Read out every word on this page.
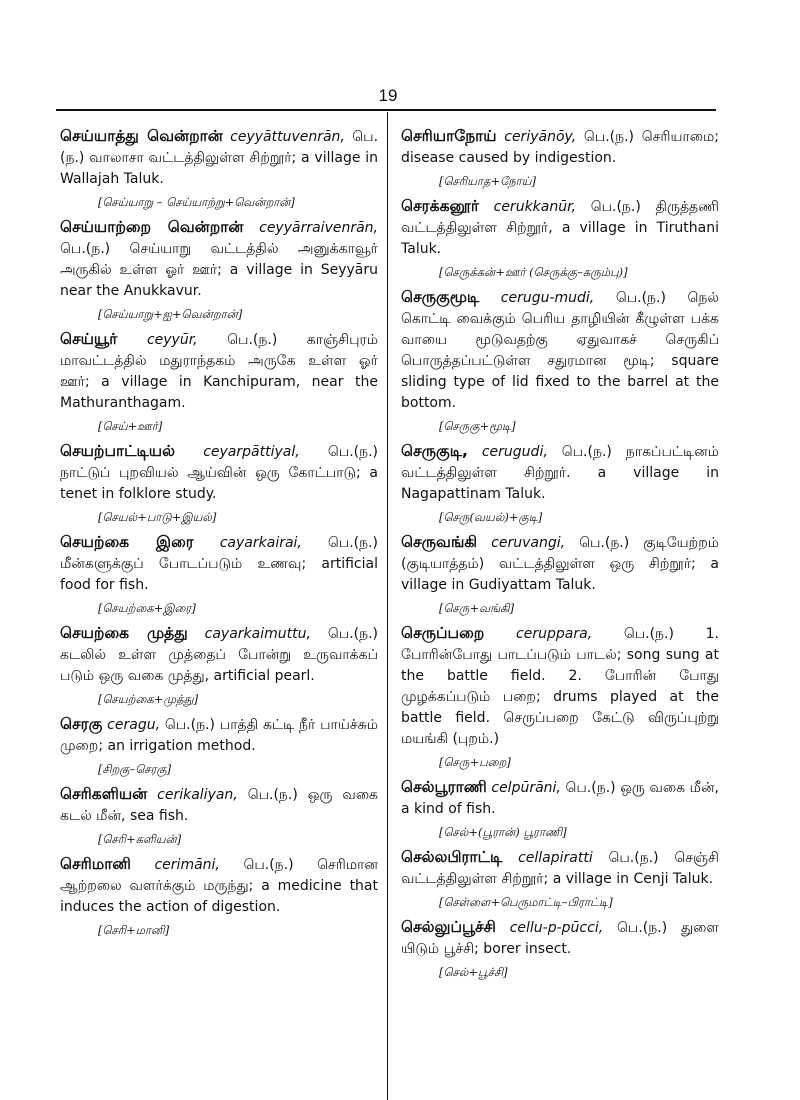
19

செய்யாத்து வென்றான் ceyyāttuvenrān, பெ.(ந.) வாலாசா வட்டத்திலுள்ள சிற்றூர்; a village in Wallajah Taluk.

[செய்யாறு – செய்யாற்று+வென்றான்]

செய்யாற்றை வென்றான் ceyyārraivenrān, பெ.(ந.) செய்யாறு வட்டத்தில் அனுக்காவூர் அருகில் உள்ள ஓர் ஊர்; a village in Seyyāru near the Anukkavur.

[செய்யாறு+ஐ+வென்றான்]

செய்யூர் ceyyūr, பெ.(ந.) காஞ்சிபுரம் மாவட்டத்தில் மதுராந்தகம் அருகே உள்ள ஓர் ஊர்; a village in Kanchipuram, near the Mathuranthagam.

[செய்+ஊர்]

செயற்பாட்டியல் ceyarpāttiyal, பெ.(ந.) நாட்டுப் புறவியல் ஆய்வின் ஒரு கோட்பாடு; a tenet in folklore study.

[செயல்+பாடு+இயல்]

செயற்கை இரை cayarkairai, பெ.(ந.) மீன்களுக்குப் போடப்படும் உணவு; artificial food for fish.

[செயற்கை+இரை]

செயற்கை முத்து cayarkaimuttu, பெ.(ந.) கடலில் உள்ள முத்தைப் போன்று உருவாக்கப் படும் ஒரு வகை முத்து, artificial pearl.

[செயற்கை+முத்து]

செரகு ceragu, பெ.(ந.) பாத்தி கட்டி நீர் பாய்ச்சும் முறை; an irrigation method.

[சிறகு–செரகு]

செரிகளியன் cerikaliyan, பெ.(ந.) ஒரு வகை கடல் மீன், sea fish.

[செரி+களியன்]

செரிமானி cerimāni, பெ.(ந.) செரிமான ஆற்றலை வளர்க்கும் மருந்து; a medicine that induces the action of digestion.

[செரி+மானி]

செரியாநோய் ceriyānōy, பெ.(ந.) செரியாமை; disease caused by indigestion.

[செரியாத+நோய்]

செரக்கனூர் cerukkanūr, பெ.(ந.) திருத்தணி வட்டத்திலுள்ள சிற்றூர், a village in Tiruthani Taluk.

[செருக்கன்+ஊர் (செருக்கு–கரும்பு)]

செருகுமூடி cerugu-mudi, பெ.(ந.) நெல் கொட்டி வைக்கும் பெரிய தாழியின் கீழுள்ள பக்க வாயை மூடுவதற்கு ஏதுவாகச் செருகிப் பொருத்தப்பட்டுள்ள சதுரமான மூடி; square sliding type of lid fixed to the barrel at the bottom.

[செருகு+மூடி]

செருகுடி, cerugudi, பெ.(ந.) நாகப்பட்டினம் வட்டத்திலுள்ள சிற்றூர். a village in Nagapattinam Taluk.

[செரு(வயல்)+குடி]

செருவங்கி ceruvangi, பெ.(ந.) குடியேற்றம் (குடியாத்தம்) வட்டத்திலுள்ள ஒரு சிற்றூர்; a village in Gudiyattam Taluk.

[செரு+வங்கி]

செருப்பறை ceruppara, பெ.(ந.) 1. போரின்போது பாடப்படும் பாடல்; song sung at the battle field. 2. போரின் போது முழக்கப்படும் பறை; drums played at the battle field. செருப்பறை கேட்டு விருப்புற்று மயங்கி (புறம்.)

[செரு+பறை]

செல்பூராணி celpūrāni, பெ.(ந.) ஒரு வகை மீன், a kind of fish.

[செல்+(பூரான்) பூராணி]

செல்லபிராட்டி cellapiratti பெ.(ந.) செஞ்சி வட்டத்திலுள்ள சிற்றூர்; a village in Cenji Taluk.

[செள்ளை+பெருமாட்டி–பிராட்டி]

செல்லுப்பூச்சி cellu-p-pūcci, பெ.(ந.) துளை யிடும் பூச்சி; borer insect.

[செல்+பூச்சி]
